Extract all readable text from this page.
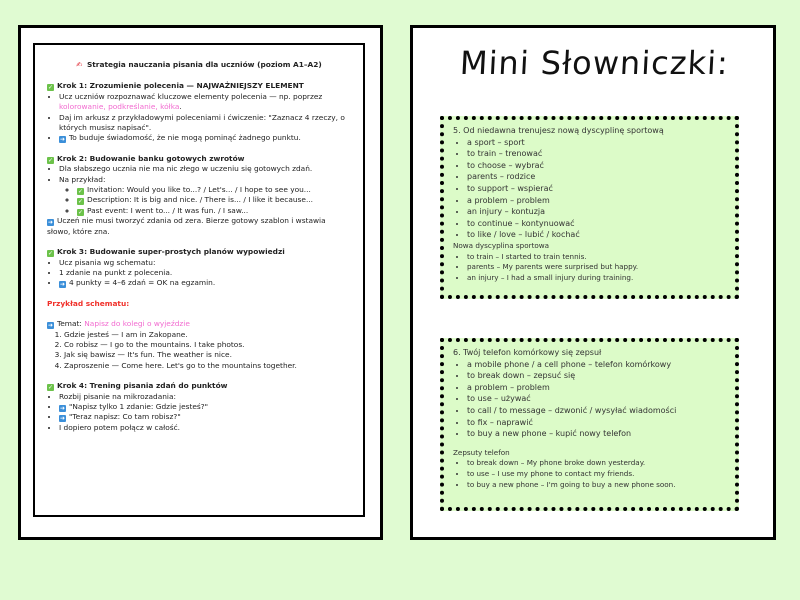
✍ Strategia nauczania pisania dla uczniów (poziom A1–A2)
✓ Krok 1: Zrozumienie polecenia — NAJWAŻNIEJSZY ELEMENT
• Ucz uczniów rozpoznawać kluczowe elementy polecenia — np. poprzez kolorowanie, podkreślanie, kółka.
• Daj im arkusz z przykładowymi poleceniami i ćwiczenie: "Zaznacz 4 rzeczy, o których musisz napisać".
• ➜ To buduje świadomość, że nie mogą pominąć żadnego punktu.
✓ Krok 2: Budowanie banku gotowych zwrotów
• Dla słabszego ucznia nie ma nic złego w uczeniu się gotowych zdań.
• Na przykład:
◦ ✓ Invitation: Would you like to...? / Let's... / I hope to see you...
◦ ✓ Description: It is big and nice. / There is... / I like it because...
◦ ✓ Past event: I went to... / It was fun. / I saw...
➜ Uczeń nie musi tworzyć zdania od zera. Bierze gotowy szablon i wstawia słowo, które zna.
✓ Krok 3: Budowanie super-prostych planów wypowiedzi
• Ucz pisania wg schematu:
• 1 zdanie na punkt z polecenia.
• ➜ 4 punkty = 4–6 zdań = OK na egzamin.
Przykład schematu:
➜ Temat: Napisz do kolegi o wyjeździe
1. Gdzie jesteś — I am in Zakopane.
2. Co robisz — I go to the mountains. I take photos.
3. Jak się bawisz — It's fun. The weather is nice.
4. Zaproszenie — Come here. Let's go to the mountains together.
✓ Krok 4: Trening pisania zdań do punktów
• Rozbij pisanie na mikrozadania:
• ➜ "Napisz tylko 1 zdanie: Gdzie jesteś?"
• ➜ "Teraz napisz: Co tam robisz?"
• I dopiero potem połącz w całość.
Mini Słowniczki:
5. Od niedawna trenujesz nową dyscyplinę sportową
• a sport – sport
• to train – trenować
• to choose – wybrać
• parents – rodzice
• to support – wspierać
• a problem – problem
• an injury – kontuzja
• to continue – kontynuować
• to like / love – lubić / kochać
Nowa dyscyplina sportowa
• to train – I started to train tennis.
• parents – My parents were surprised but happy.
• an injury – I had a small injury during training.
6. Twój telefon komórkowy się zepsuł
• a mobile phone / a cell phone – telefon komórkowy
• to break down – zepsuć się
• a problem – problem
• to use – używać
• to call / to message – dzwonić / wysyłać wiadomości
• to fix – naprawić
• to buy a new phone – kupić nowy telefon
Zepsuty telefon
• to break down – My phone broke down yesterday.
• to use – I use my phone to contact my friends.
• to buy a new phone – I'm going to buy a new phone soon.
